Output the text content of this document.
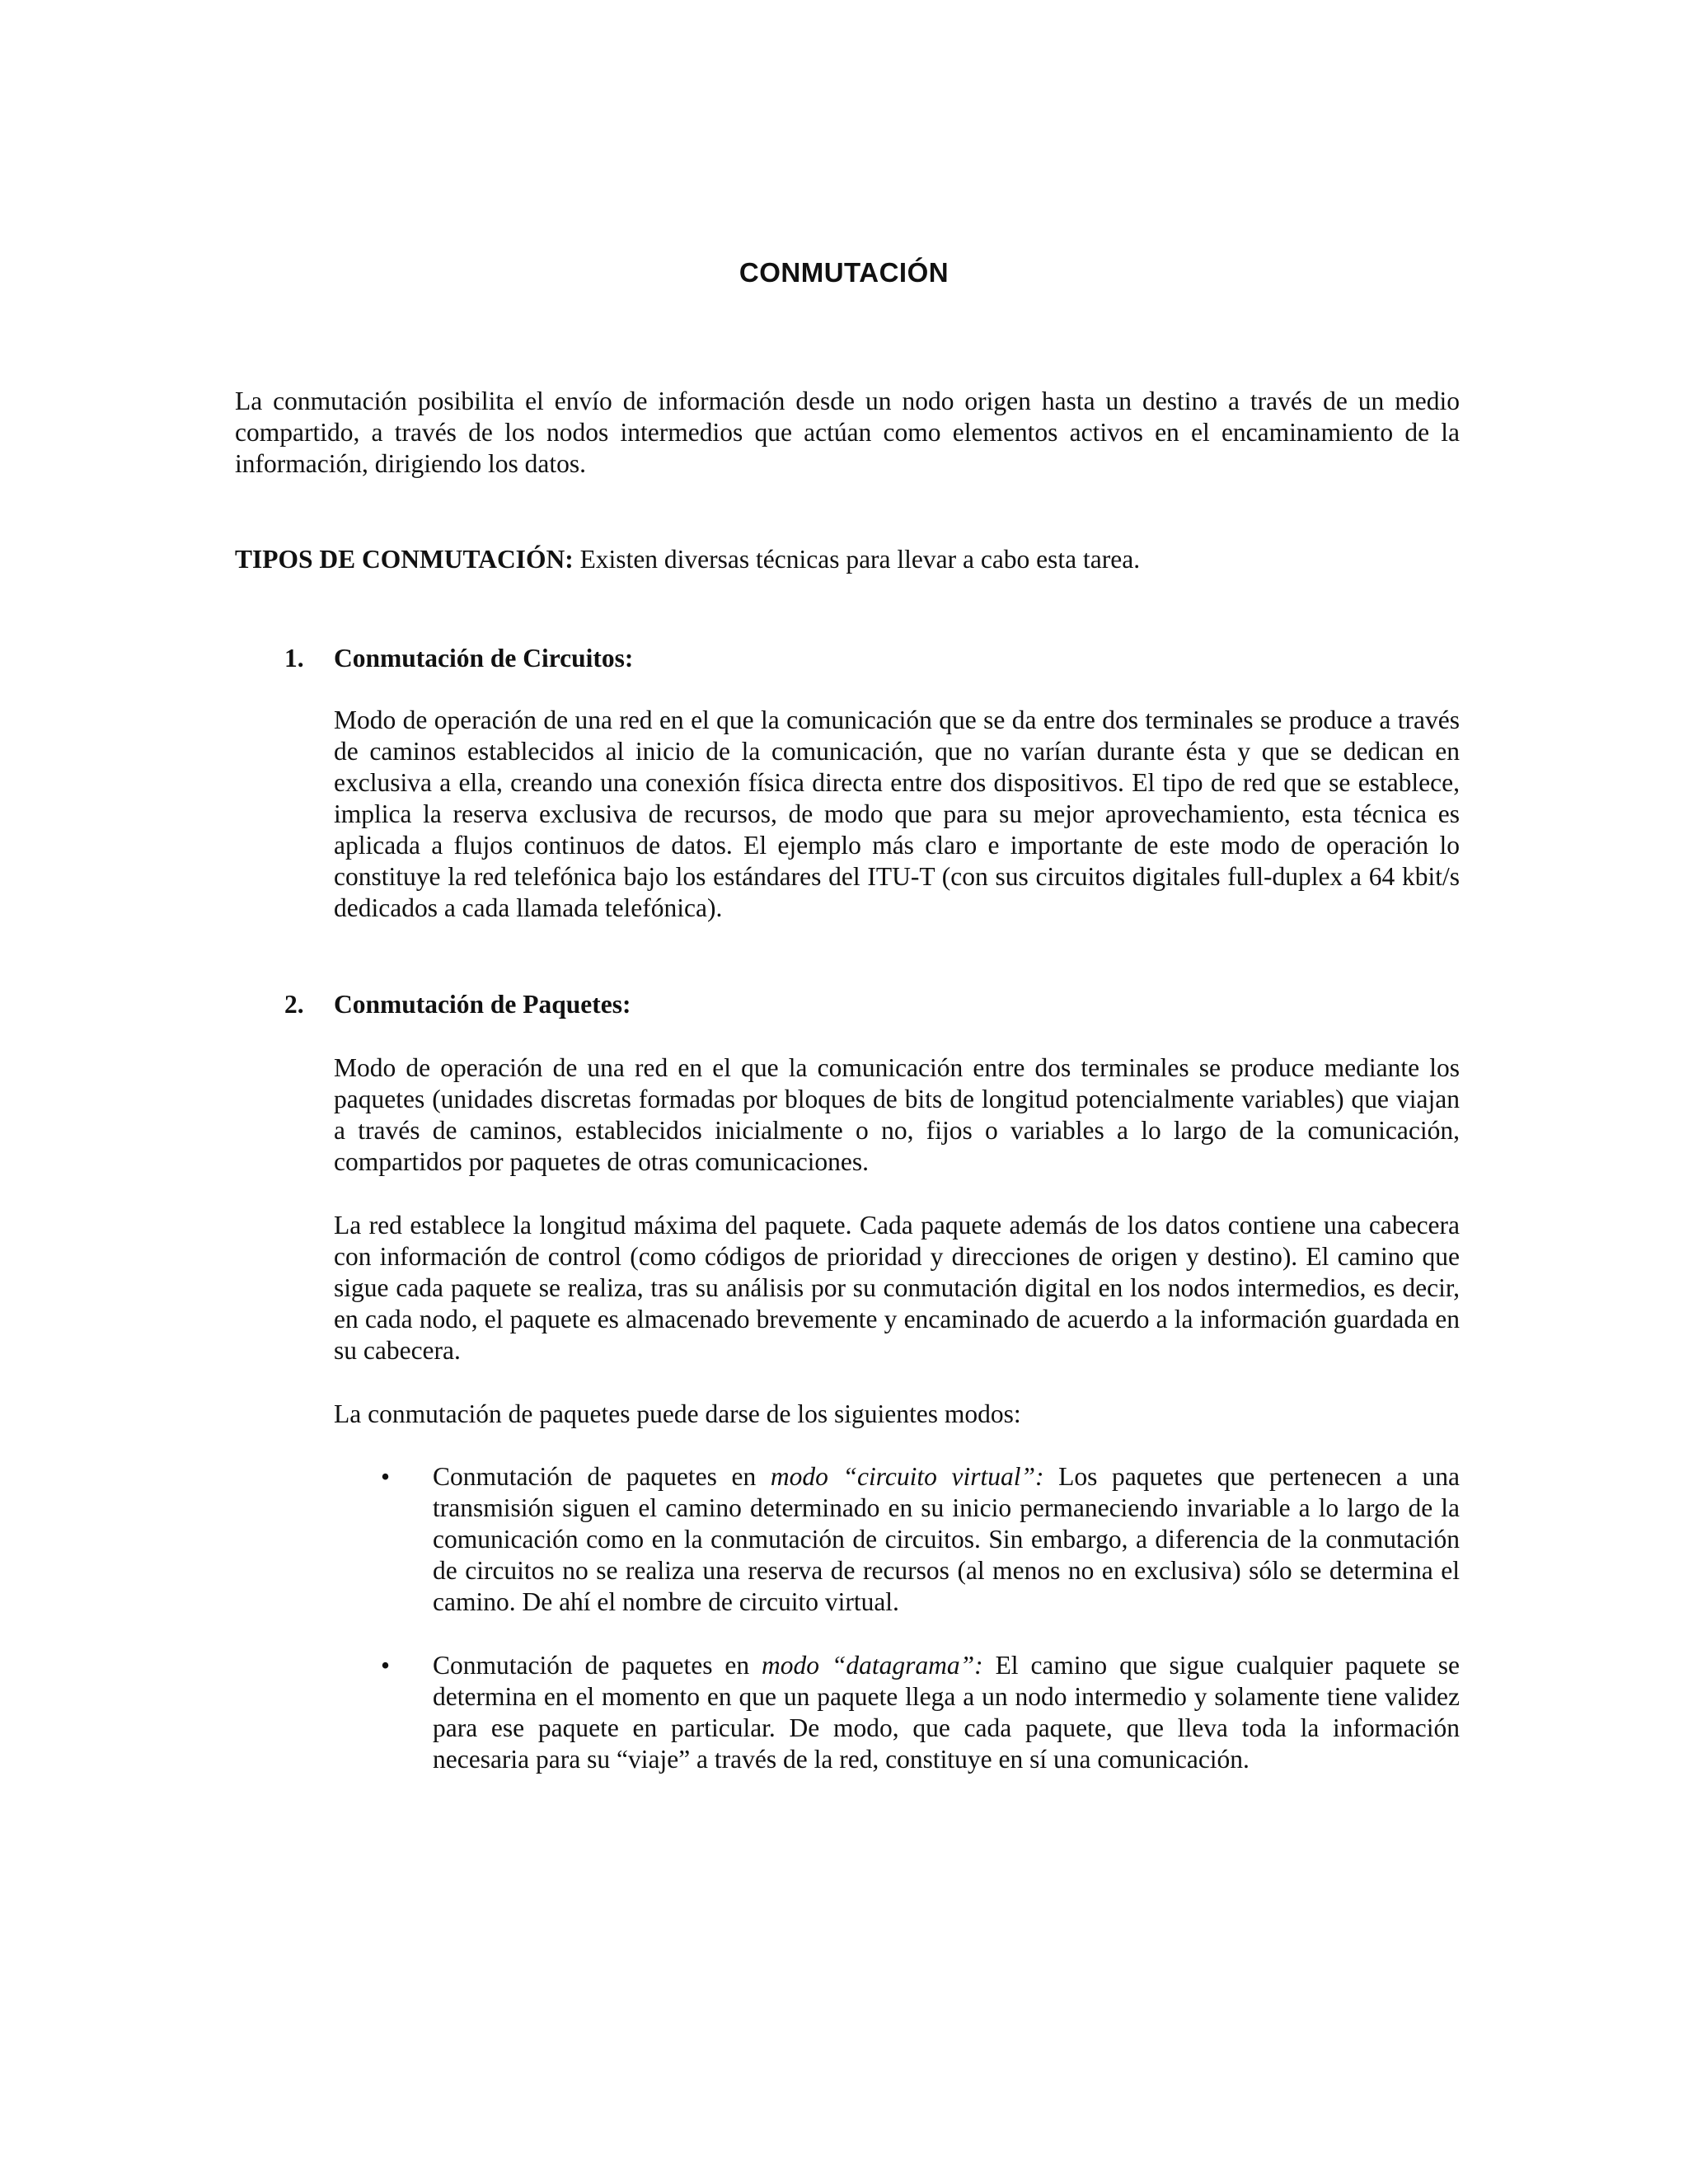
CONMUTACIÓN

La conmutación posibilita el envío de información desde un nodo origen hasta un destino a través de un medio compartido, a través de los nodos intermedios que actúan como elementos activos en el encaminamiento de la información, dirigiendo los datos.

TIPOS DE CONMUTACIÓN: Existen diversas técnicas para llevar a cabo esta tarea.

1. Conmutación de Circuitos:

Modo de operación de una red en el que la comunicación que se da entre dos terminales se produce a través de caminos establecidos al inicio de la comunicación, que no varían durante ésta y que se dedican en exclusiva a ella, creando una conexión física directa entre dos dispositivos. El tipo de red que se establece, implica la reserva exclusiva de recursos, de modo que para su mejor aprovechamiento, esta técnica es aplicada a flujos continuos de datos. El ejemplo más claro e importante de este modo de operación lo constituye la red telefónica bajo los estándares del ITU-T (con sus circuitos digitales full-duplex a 64 kbit/s dedicados a cada llamada telefónica).

2. Conmutación de Paquetes:

Modo de operación de una red en el que la comunicación entre dos terminales se produce mediante los paquetes (unidades discretas formadas por bloques de bits de longitud potencialmente variables) que viajan a través de caminos, establecidos inicialmente o no, fijos o variables a lo largo de la comunicación, compartidos por paquetes de otras comunicaciones.

La red establece la longitud máxima del paquete. Cada paquete además de los datos contiene una cabecera con información de control (como códigos de prioridad y direcciones de origen y destino). El camino que sigue cada paquete se realiza, tras su análisis por su conmutación digital en los nodos intermedios, es decir, en cada nodo, el paquete es almacenado brevemente y encaminado de acuerdo a la información guardada en su cabecera.

La conmutación de paquetes puede darse de los siguientes modos:

• Conmutación de paquetes en modo “circuito virtual”: Los paquetes que pertenecen a una transmisión siguen el camino determinado en su inicio permaneciendo invariable a lo largo de la comunicación como en la conmutación de circuitos. Sin embargo, a diferencia de la conmutación de circuitos no se realiza una reserva de recursos (al menos no en exclusiva) sólo se determina el camino. De ahí el nombre de circuito virtual.

• Conmutación de paquetes en modo “datagrama”: El camino que sigue cualquier paquete se determina en el momento en que un paquete llega a un nodo intermedio y solamente tiene validez para ese paquete en particular. De modo, que cada paquete, que lleva toda la información necesaria para su “viaje” a través de la red, constituye en sí una comunicación.
